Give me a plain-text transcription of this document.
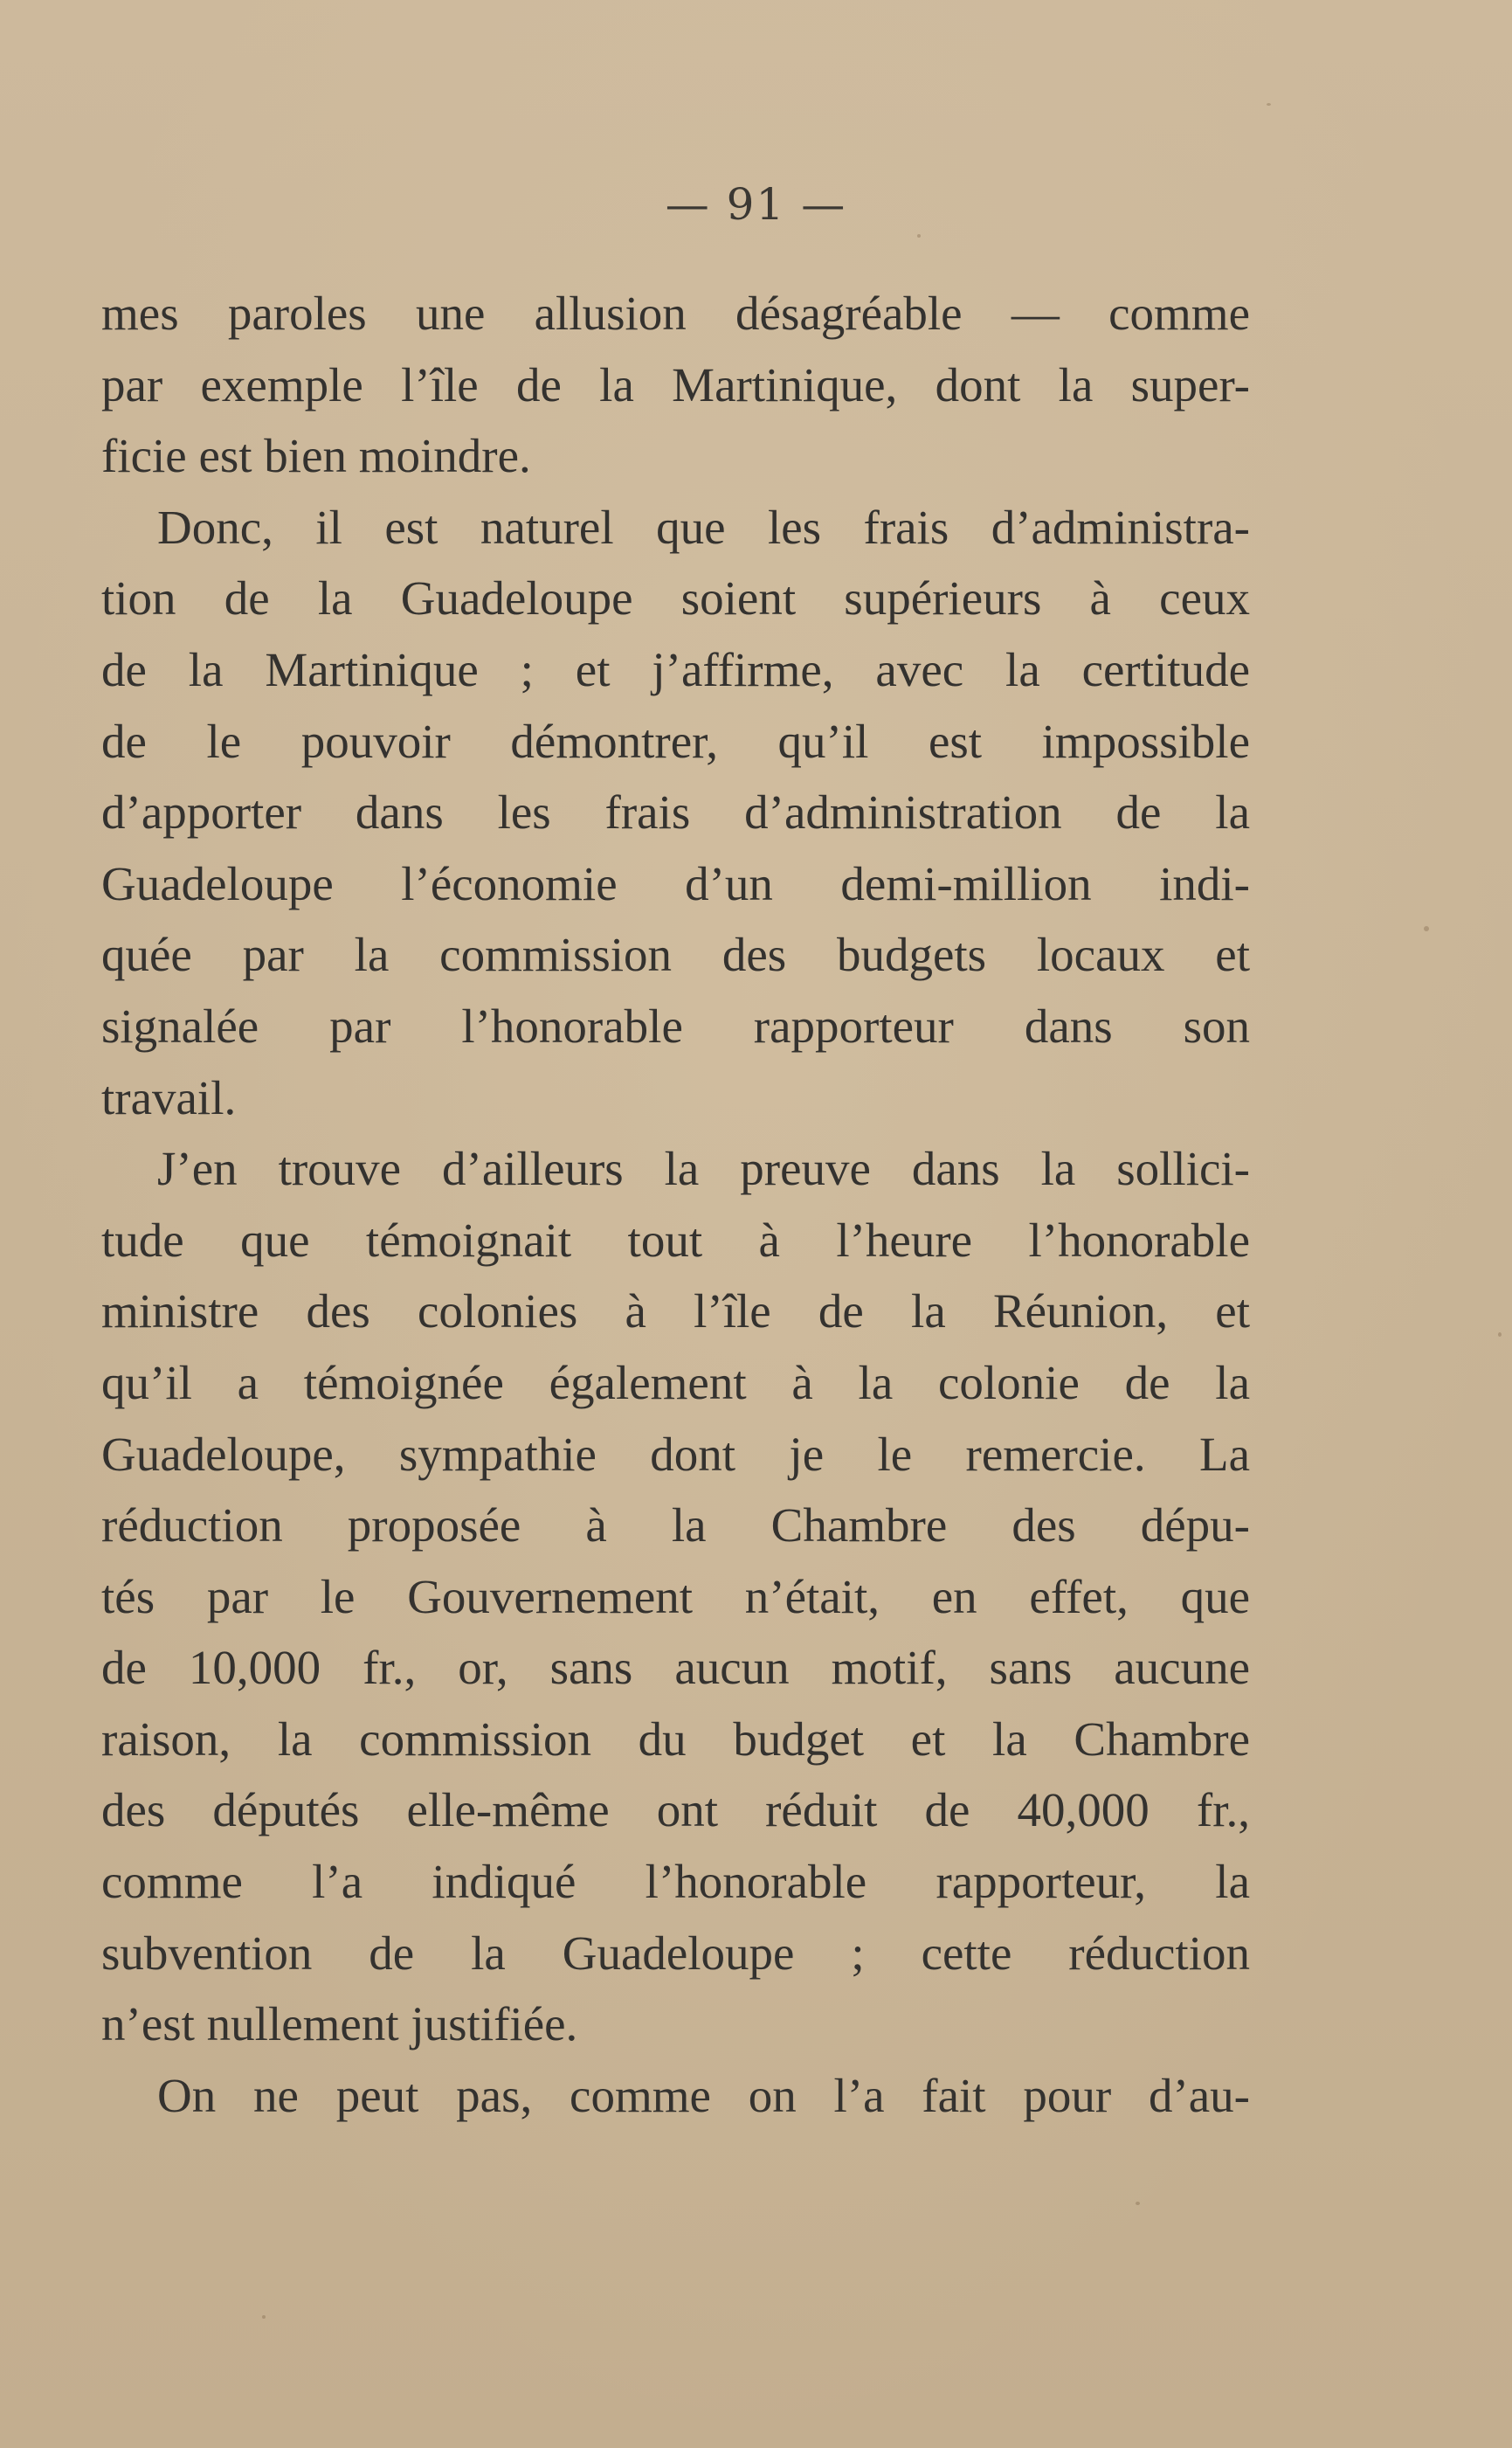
— 91 —
mes paroles une allusion désagréable — comme
par exemple l’île de la Martinique, dont la super-
ficie est bien moindre.
Donc, il est naturel que les frais d’administra-
tion de la Guadeloupe soient supérieurs à ceux
de la Martinique ; et j’affirme, avec la certitude
de le pouvoir démontrer, qu’il est impossible
d’apporter dans les frais d’administration de la
Guadeloupe l’économie d’un demi-million indi-
quée par la commission des budgets locaux et
signalée par l’honorable rapporteur dans son
travail.
J’en trouve d’ailleurs la preuve dans la sollici-
tude que témoignait tout à l’heure l’honorable
ministre des colonies à l’île de la Réunion, et
qu’il a témoignée également à la colonie de la
Guadeloupe, sympathie dont je le remercie. La
réduction proposée à la Chambre des dépu-
tés par le Gouvernement n’était, en effet, que
de 10,000 fr., or, sans aucun motif, sans aucune
raison, la commission du budget et la Chambre
des députés elle-même ont réduit de 40,000 fr.,
comme l’a indiqué l’honorable rapporteur, la
subvention de la Guadeloupe ; cette réduction
n’est nullement justifiée.
On ne peut pas, comme on l’a fait pour d’au-
